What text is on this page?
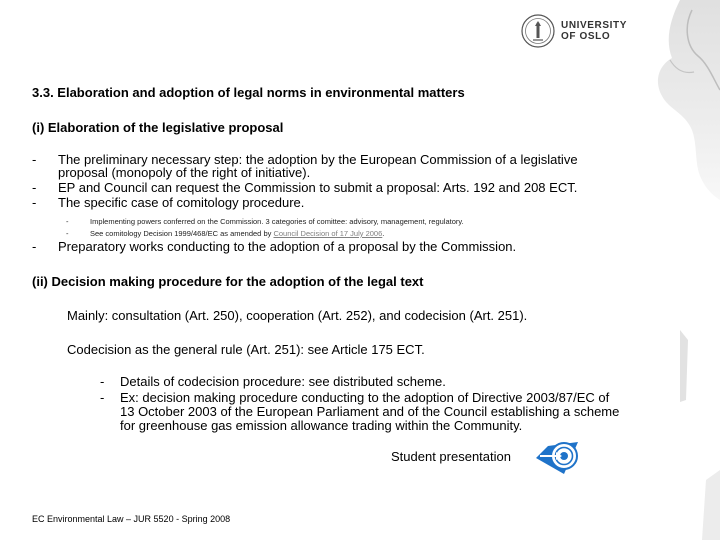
UNIVERSITY
OF OSLO
3.3. Elaboration and adoption of legal norms in environmental matters
(i) Elaboration of the legislative proposal
-	The preliminary necessary step: the adoption by the European Commission of a legislative proposal (monopoly of the right of initiative).
-	EP and Council can request the Commission to submit a proposal: Arts. 192 and 208 ECT.
-	The specific case of comitology procedure.
-	Implementing powers conferred on the Commission. 3 categories of comittee: advisory, management, regulatory.
-	See comitology Decision 1999/468/EC as amended by Council Decision of 17 July 2006.
-	Preparatory works conducting to the adoption of a proposal by the Commission.
(ii) Decision making procedure for the adoption of the legal text
Mainly: consultation (Art. 250), cooperation (Art. 252), and codecision (Art. 251).
Codecision as the general rule (Art. 251): see Article 175 ECT.
-	Details of codecision procedure: see distributed scheme.
-	Ex: decision making procedure conducting to the adoption of Directive 2003/87/EC of 13 October 2003 of the European Parliament and of the Council establishing a scheme for greenhouse gas emission allowance trading within the Community.
Student presentation
EC Environmental Law – JUR 5520 - Spring 2008
